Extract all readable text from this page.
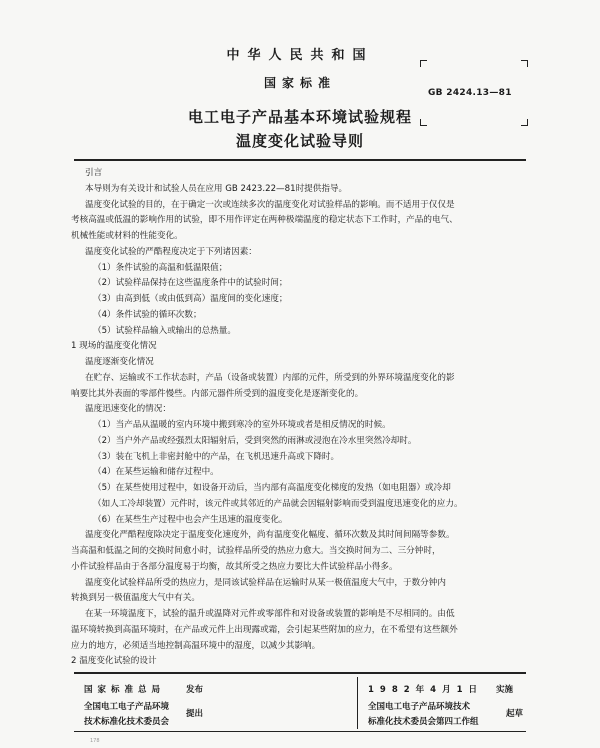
中华人民共和国
国家标准
电工电子产品基本环境试验规程
温度变化试验导则
GB 2424.13—81

引言

本导则为有关设计和试验人员在应用 GB 2423.22—81时提供指导。

温度变化试验的目的，在于确定一次或连续多次的温度变化对试验样品的影响。而不适用于仅仅是

考核高温或低温的影响作用的试验，即不用作评定在两种极端温度的稳定状态下工作时，产品的电气、

机械性能或材料的性能变化。

温度变化试验的严酷程度决定于下列诸因素：

（1）条件试验的高温和低温限值；

（2）试验样品保持在这些温度条件中的试验时间；

（3）由高到低（或由低到高）温度间的变化速度；

（4）条件试验的循环次数；

（5）试验样品输入或输出的总热量。

1 现场的温度变化情况

温度逐渐变化情况

在贮存、运输或不工作状态时，产品（设备或装置）内部的元件，所受到的外界环境温度变化的影

响要比其外表面的零部件慢些。内部元器件所受到的温度变化是逐渐变化的。

温度迅速变化的情况：

（1）当产品从温暖的室内环境中搬到寒冷的室外环境或者是相反情况的时候。

（2）当户外产品或经强烈太阳辐射后，受到突然的雨淋或浸泡在冷水里突然冷却时。

（3）装在飞机上非密封舱中的产品，在飞机迅速升高或下降时。

（4）在某些运输和储存过程中。

（5）在某些使用过程中，如设备开动后，当内部有高温度变化梯度的发热（如电阻器）或冷却

（如人工冷却装置）元件时，该元件或其邻近的产品就会因辐射影响而受到温度迅速变化的应力。

（6）在某些生产过程中也会产生迅速的温度变化。

温度变化严酷程度除决定于温度变化速度外，尚有温度变化幅度、循环次数及其时间间隔等参数。

当高温和低温之间的交换时间愈小时，试验样品所受的热应力愈大。当交换时间为二、三分钟时，

小件试验样品由于各部分温度易于均衡，故其所受之热应力要比大件试验样品小得多。

温度变化试验样品所受的热应力，是同该试验样品在运输时从某一极值温度大气中，于数分钟内

转换到另一极值温度大气中有关。

在某一环境温度下，试验的温升或温降对元件或零部件和对设备或装置的影响是不尽相同的。由低

温环境转换到高温环境时，在产品或元件上出现露或霜，会引起某些附加的应力，在不希望有这些额外

应力的地方，必须适当地控制高温环境中的湿度，以减少其影响。

2 温度变化试验的设计

国家标准总局 发布
全国电工电子产品环境
技术标准化技术委员会
提出
1982年4月1日 实施
全国电工电子产品环境技术
标准化技术委员会第四工作组
起草
178
